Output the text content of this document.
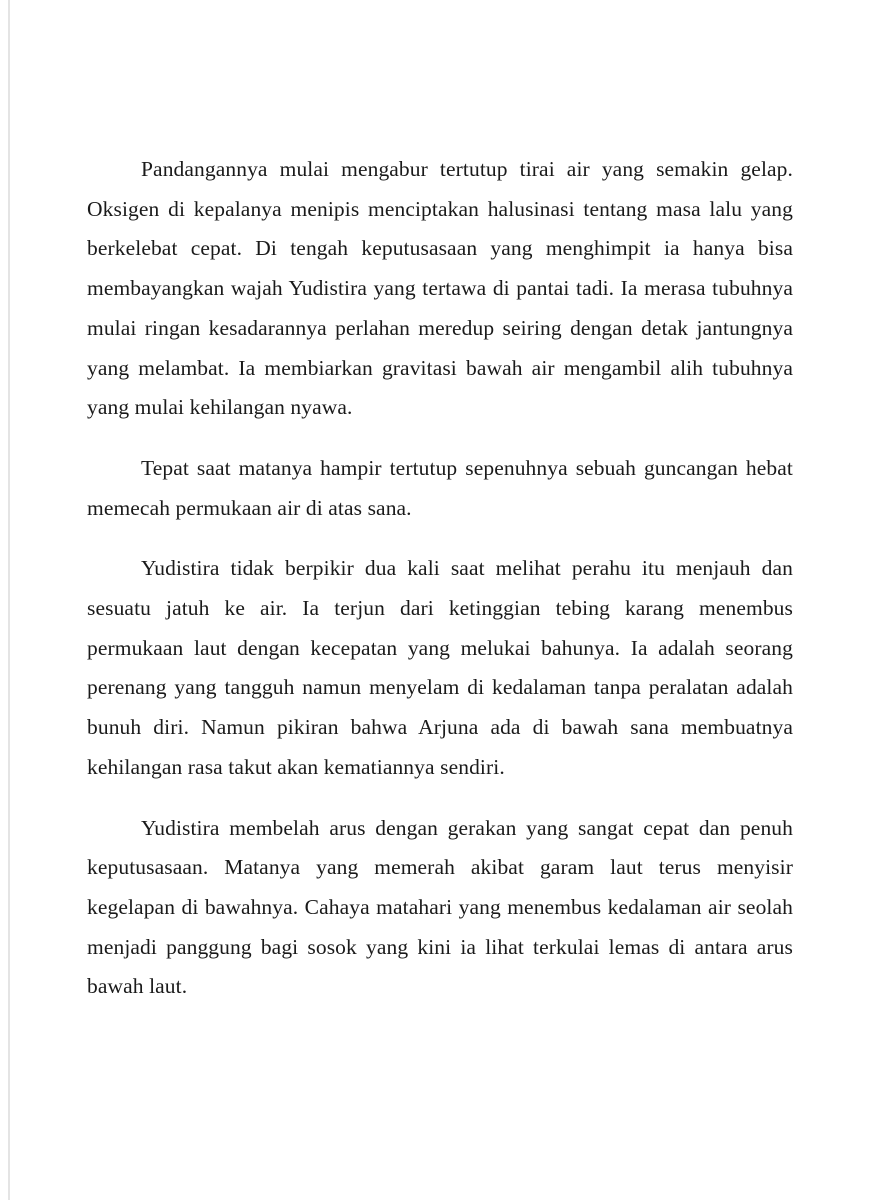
Pandangannya mulai mengabur tertutup tirai air yang semakin gelap. Oksigen di kepalanya menipis menciptakan halusinasi tentang masa lalu yang berkelebat cepat. Di tengah keputusasaan yang menghimpit ia hanya bisa membayangkan wajah Yudistira yang tertawa di pantai tadi. Ia merasa tubuhnya mulai ringan kesadarannya perlahan meredup seiring dengan detak jantungnya yang melambat. Ia membiarkan gravitasi bawah air mengambil alih tubuhnya yang mulai kehilangan nyawa.

Tepat saat matanya hampir tertutup sepenuhnya sebuah guncangan hebat memecah permukaan air di atas sana.

Yudistira tidak berpikir dua kali saat melihat perahu itu menjauh dan sesuatu jatuh ke air. Ia terjun dari ketinggian tebing karang menembus permukaan laut dengan kecepatan yang melukai bahunya. Ia adalah seorang perenang yang tangguh namun menyelam di kedalaman tanpa peralatan adalah bunuh diri. Namun pikiran bahwa Arjuna ada di bawah sana membuatnya kehilangan rasa takut akan kematiannya sendiri.

Yudistira membelah arus dengan gerakan yang sangat cepat dan penuh keputusasaan. Matanya yang memerah akibat garam laut terus menyisir kegelapan di bawahnya. Cahaya matahari yang menembus kedalaman air seolah menjadi panggung bagi sosok yang kini ia lihat terkulai lemas di antara arus bawah laut.
